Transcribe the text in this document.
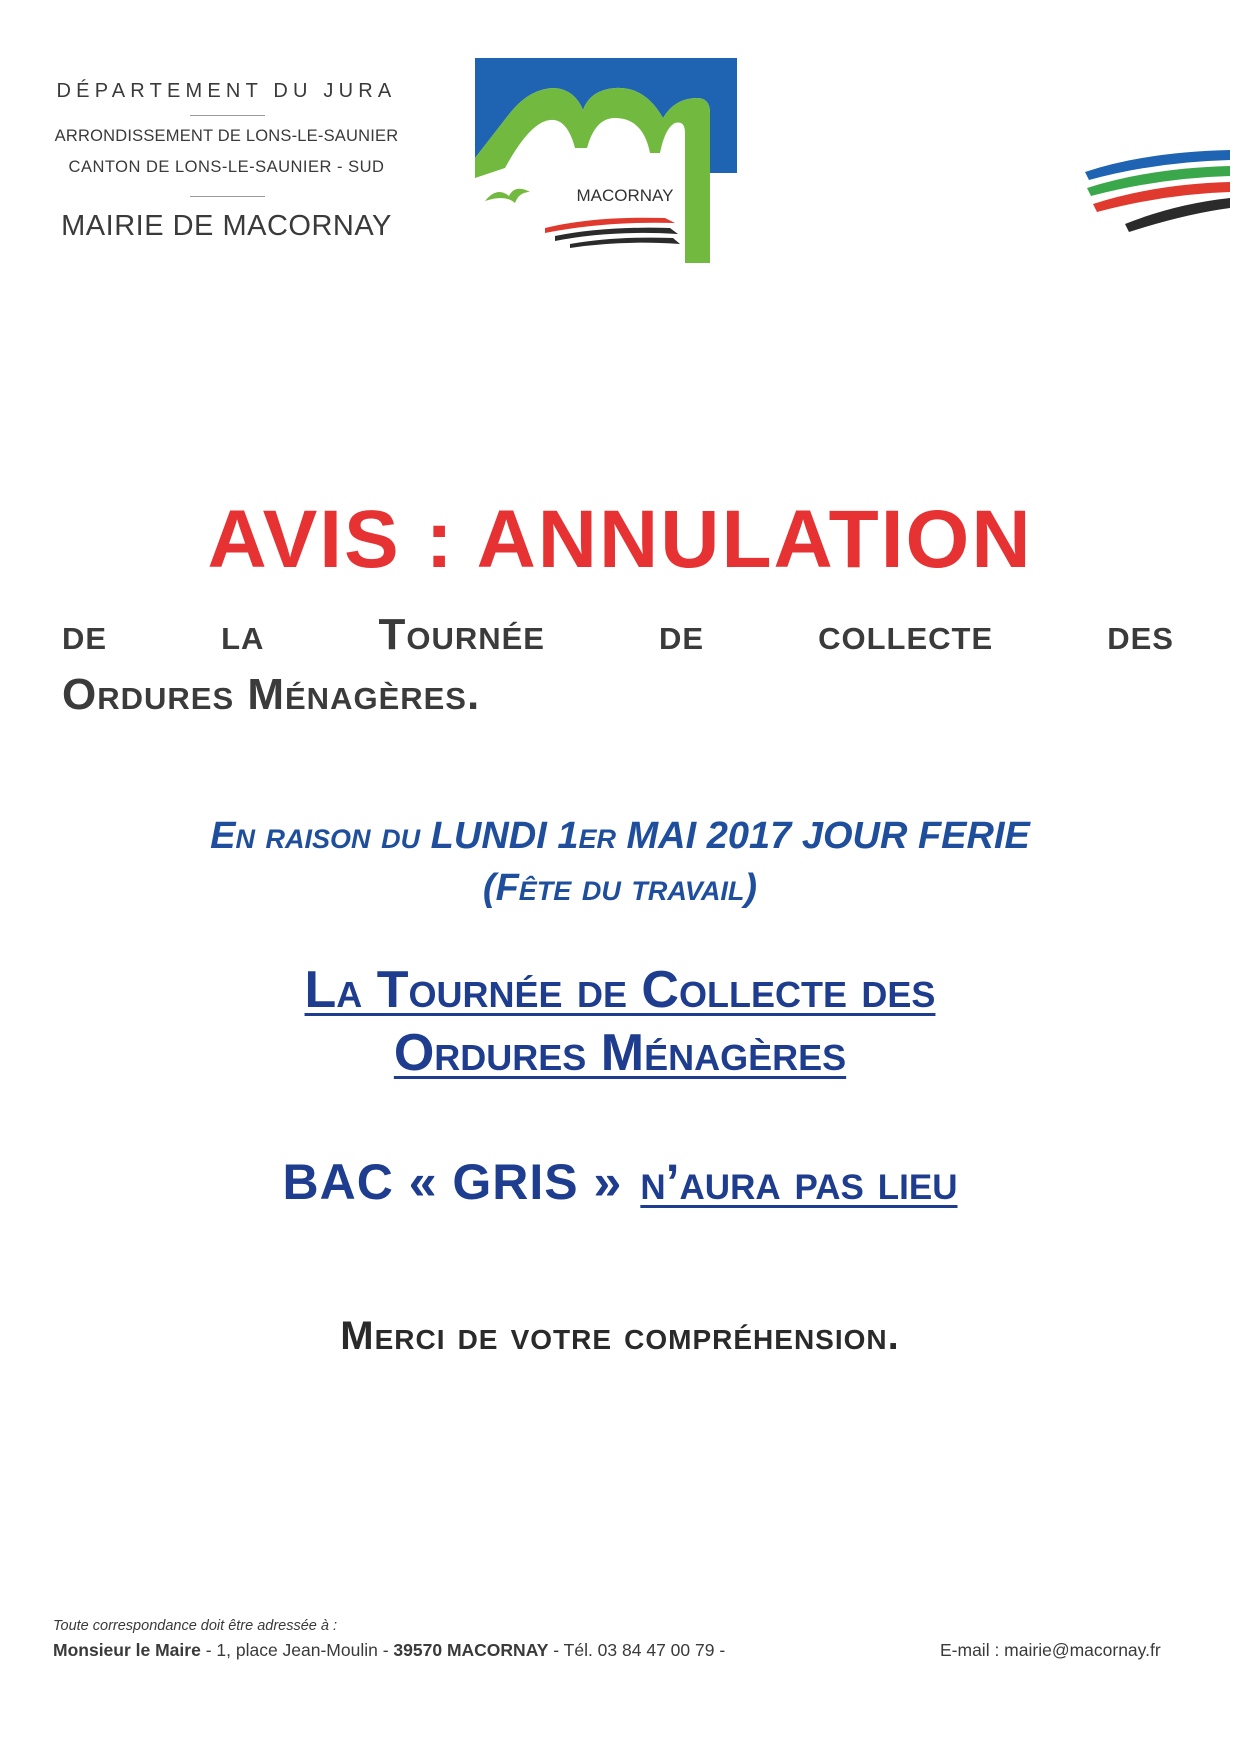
DÉPARTEMENT DU JURA
ARRONDISSEMENT DE LONS-LE-SAUNIER
CANTON DE LONS-LE-SAUNIER - SUD
MAIRIE DE MACORNAY
MACORNAY
AVIS : ANNULATION
de	la	Tournée	de	collecte	des
Ordures Ménagères.
En raison du LUNDI 1er MAI 2017 JOUR FERIE
(Fête du travail)
La Tournée de Collecte des
Ordures Ménagères
BAC « GRIS » n’aura pas lieu
Merci de votre compréhension.
Toute correspondance doit être adressée à :
Monsieur le Maire - 1, place Jean-Moulin - 39570 MACORNAY - Tél. 03 84 47 00 79 -	E-mail : mairie@macornay.fr
